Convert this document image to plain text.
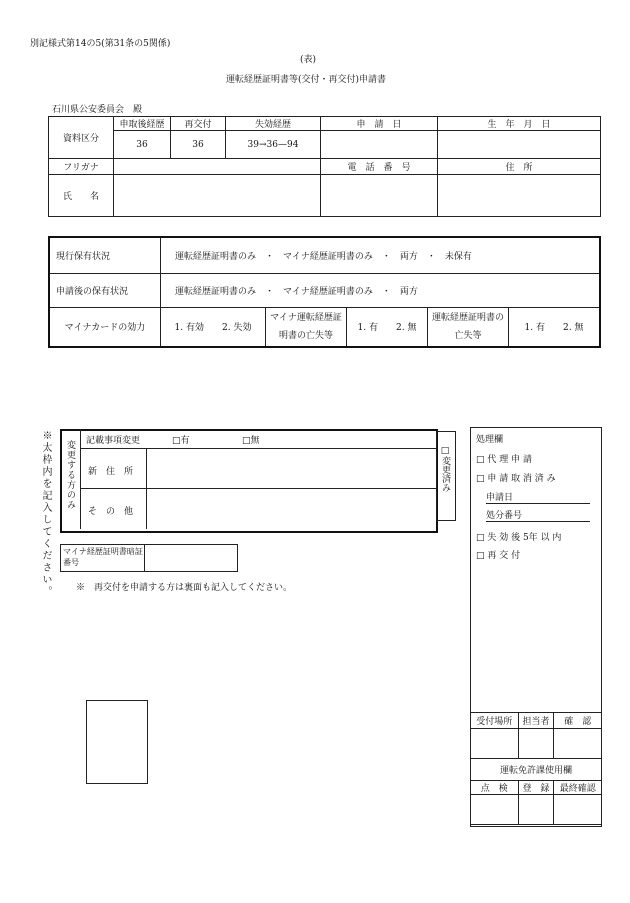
別記様式第14の5(第31条の5関係)
(表)
運転経歴証明書等(交付・再交付)申請書
石川県公安委員会　殿
資料区分	申取後経歴	再交付	失効経歴	申　請　日	生　年　月　日
	36	36	39→36—94		
フリガナ				電　話　番　号	住　所
氏　　名					
現行保有状況	運転経歴証明書のみ　・　マイナ経歴証明書のみ　・　両方　・　未保有				
申請後の保有状況	運転経歴証明書のみ　・　マイナ経歴証明書のみ　・　両方				
マイナカードの効力	1. 有効　　2. 失効	マイナ運転経歴証明書の亡失等	1. 有　　2. 無	運転経歴証明書の亡失等	1. 有　　2. 無
※太枠内を記入してください。 変更する方のみ 記載事項変更	□有	□無
新　住　所
そ　の　他
□変更済み
マイナ経歴証明書暗証番号
※　再交付を申請する方は裏面も記入してください。
処理欄
□ 代 理 申 請
□ 申 請 取 消 済 み
申請日
処分番号
□ 失 効 後 5年 以 内
□ 再 交 付
受付場所	担当者	確　認

運転免許課使用欄		
点　検	登　録	最終確認
